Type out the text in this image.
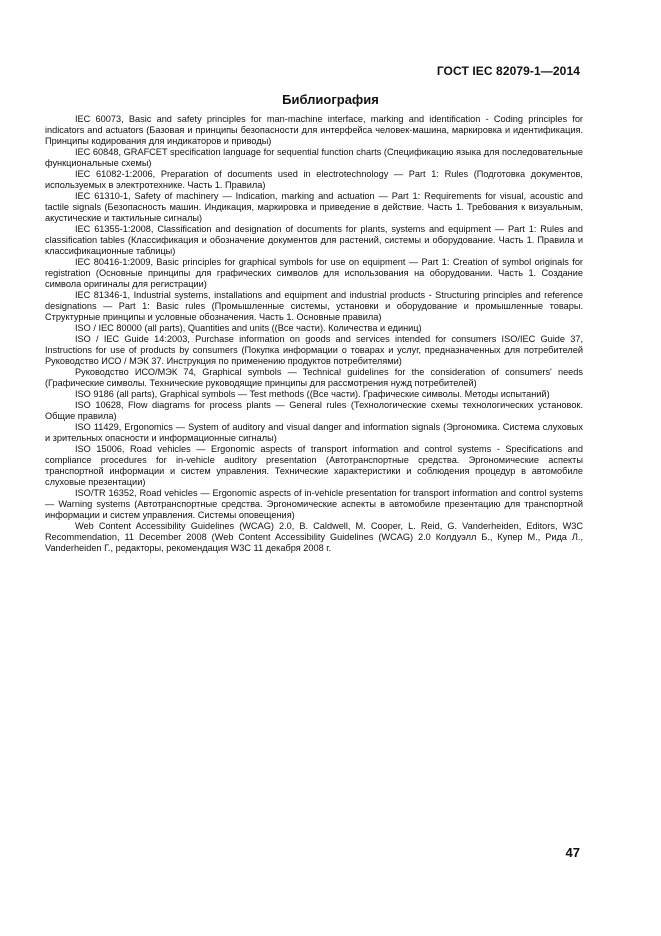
ГОСТ IEC 82079-1—2014
Библиография

IEC 60073, Basic and safety principles for man-machine interface, marking and identification - Coding principles for indicators and actuators (Базовая и принципы безопасности для интерфейса человек-машина, маркировка и идентификация. Принципы кодирования для индикаторов и приводы)

IEC 60848, GRAFCET specification language for sequential function charts (Спецификацию языка для последовательные функциональные схемы)

IEC 61082-1:2006, Preparation of documents used in electrotechnology — Part 1: Rules (Подготовка документов, используемых в электротехнике. Часть 1. Правила)

IEC 61310-1, Safety of machinery — Indication, marking and actuation — Part 1: Requirements for visual, acoustic and tactile signals (Безопасность машин. Индикация, маркировка и приведение в действие. Часть 1. Требования к визуальным, акустические и тактильные сигналы)

IEC 61355-1:2008, Classification and designation of documents for plants, systems and equipment — Part 1: Rules and classification tables (Классификация и обозначение документов для растений, системы и оборудование. Часть 1. Правила и классификационные таблицы)

IEC 80416-1:2009, Basic principles for graphical symbols for use on equipment — Part 1: Creation of symbol originals for registration (Основные принципы для графических символов для использования на оборудовании. Часть 1. Создание символа оригиналы для регистрации)

IEC 81346-1, Industrial systems, installations and equipment and industrial products - Structuring principles and reference designations — Part 1: Basic rules (Промышленные системы, установки и оборудование и промышленные товары. Структурные принципы и условные обозначения. Часть 1. Основные правила)

ISO / IEC 80000 (all parts), Quantities and units ((Все части). Количества и единиц)

ISO / IEC Guide 14:2003, Purchase information on goods and services intended for consumers ISO/IEC Guide 37, Instructions for use of products by consumers (Покупка информации о товарах и услуг, предназначенных для потребителей Руководство ИСО / МЭК 37. Инструкция по применению продуктов потребителями)

Руководство ИСО/МЭК 74, Graphical symbols — Technical guidelines for the consideration of consumers' needs (Графические символы. Технические руководящие принципы для рассмотрения нужд потребителей)

ISO 9186 (all parts), Graphical symbols — Test methods ((Все части). Графические символы. Методы испытаний)

ISO 10628, Flow diagrams for process plants — General rules (Технологические схемы технологических установок. Общие правила)

ISO 11429, Ergonomics — System of auditory and visual danger and information signals (Эргономика. Система слуховых и зрительных опасности и информационные сигналы)

ISO 15006, Road vehicles — Ergonomic aspects of transport information and control systems - Specifications and compliance procedures for in-vehicle auditory presentation (Автотранспортные средства. Эргономические аспекты транспортной информации и систем управления. Технические характеристики и соблюдения процедур в автомобиле слуховые презентации)

ISO/TR 16352, Road vehicles — Ergonomic aspects of in-vehicle presentation for transport information and control systems — Warning systems (Автотранспортные средства. Эргономические аспекты в автомобиле презентацию для транспортной информации и систем управления. Системы оповещения)

Web Content Accessibility Guidelines (WCAG) 2.0, B. Caldwell, M. Cooper, L. Reid, G. Vanderheiden, Editors, W3C Recommendation, 11 December 2008 (Web Content Accessibility Guidelines (WCAG) 2.0 Колдуэлл Б., Купер М., Рида Л., Vanderheiden Г., редакторы, рекомендация W3C 11 декабря 2008 г.

47
